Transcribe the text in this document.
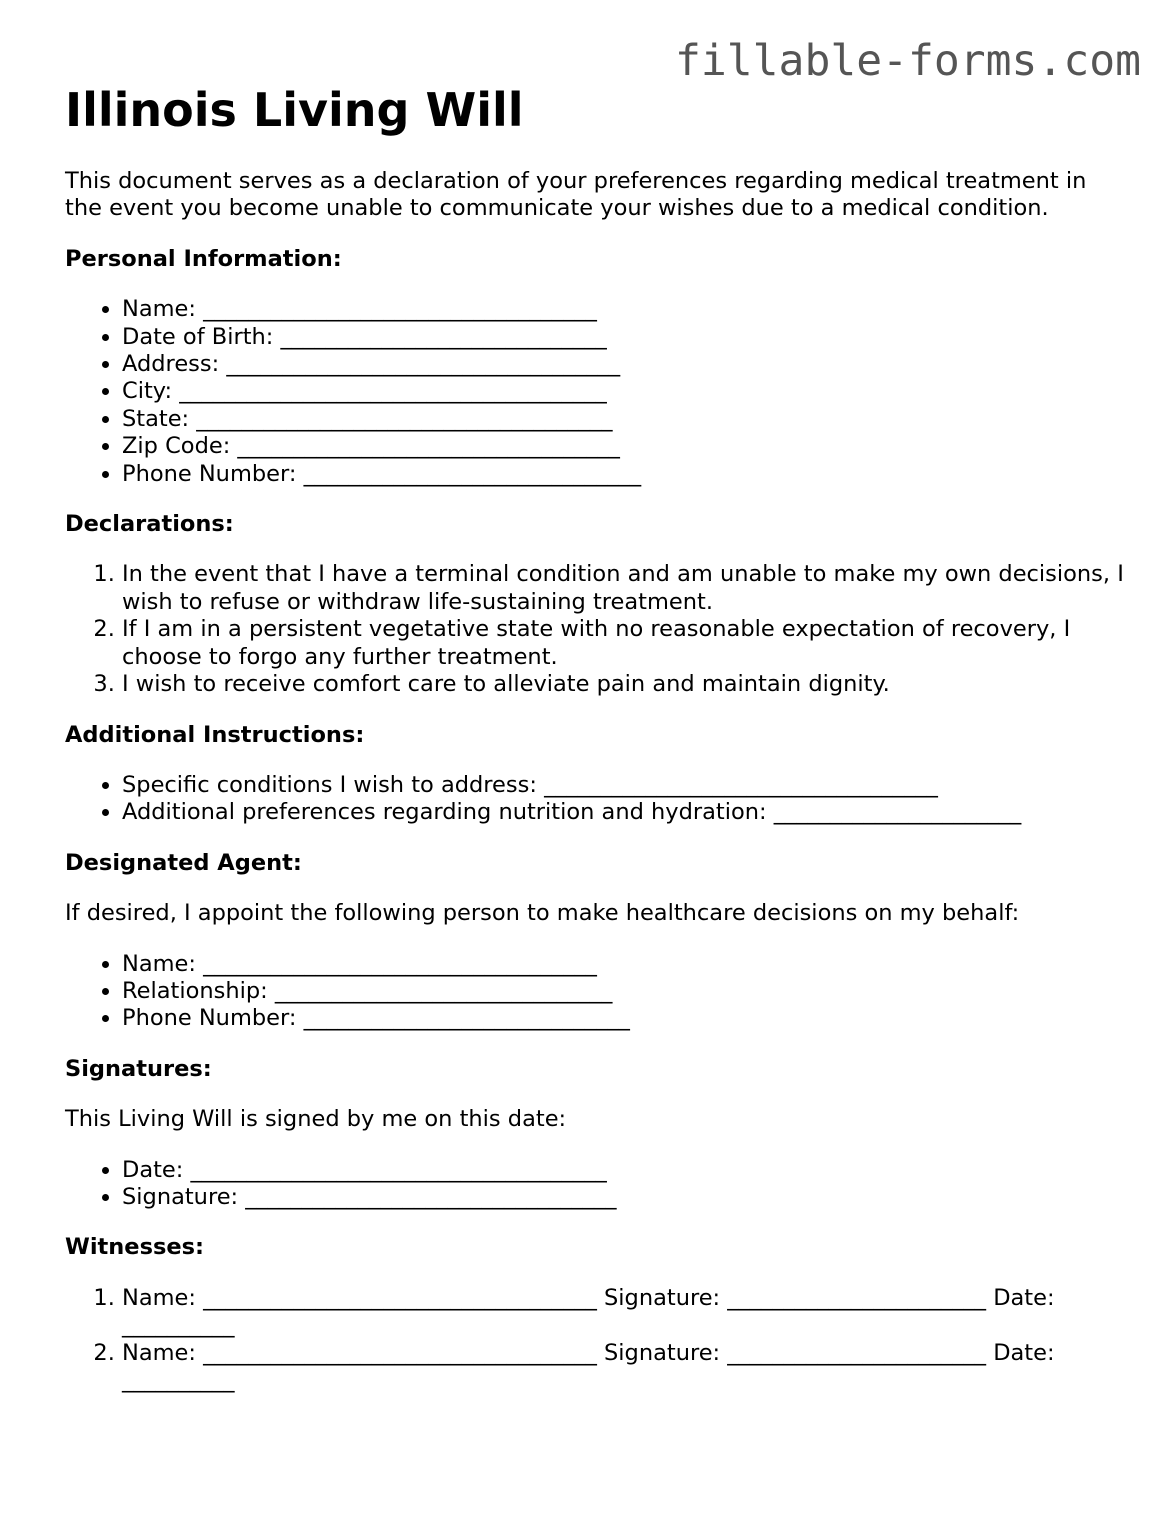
fillable-forms.com
Illinois Living Will

This document serves as a declaration of your preferences regarding medical treatment in the event you become unable to communicate your wishes due to a medical condition.

Personal Information:
• Name: ___________________________________
• Date of Birth: _____________________________
• Address: ___________________________________
• City: ______________________________________
• State: _____________________________________
• Zip Code: __________________________________
• Phone Number: ______________________________
Declarations:
1. In the event that I have a terminal condition and am unable to make my own decisions, I wish to refuse or withdraw life-sustaining treatment.
2. If I am in a persistent vegetative state with no reasonable expectation of recovery, I choose to forgo any further treatment.
3. I wish to receive comfort care to alleviate pain and maintain dignity.
Additional Instructions:
• Specific conditions I wish to address: ___________________________________
• Additional preferences regarding nutrition and hydration: ______________________
Designated Agent:

If desired, I appoint the following person to make healthcare decisions on my behalf:

• Name: ___________________________________
• Relationship: ______________________________
• Phone Number: _____________________________
Signatures:

This Living Will is signed by me on this date:

• Date: _____________________________________
• Signature: _________________________________
Witnesses:
1. Name: ___________________________________ Signature: _______________________ Date: __________
2. Name: ___________________________________ Signature: _______________________ Date: __________
